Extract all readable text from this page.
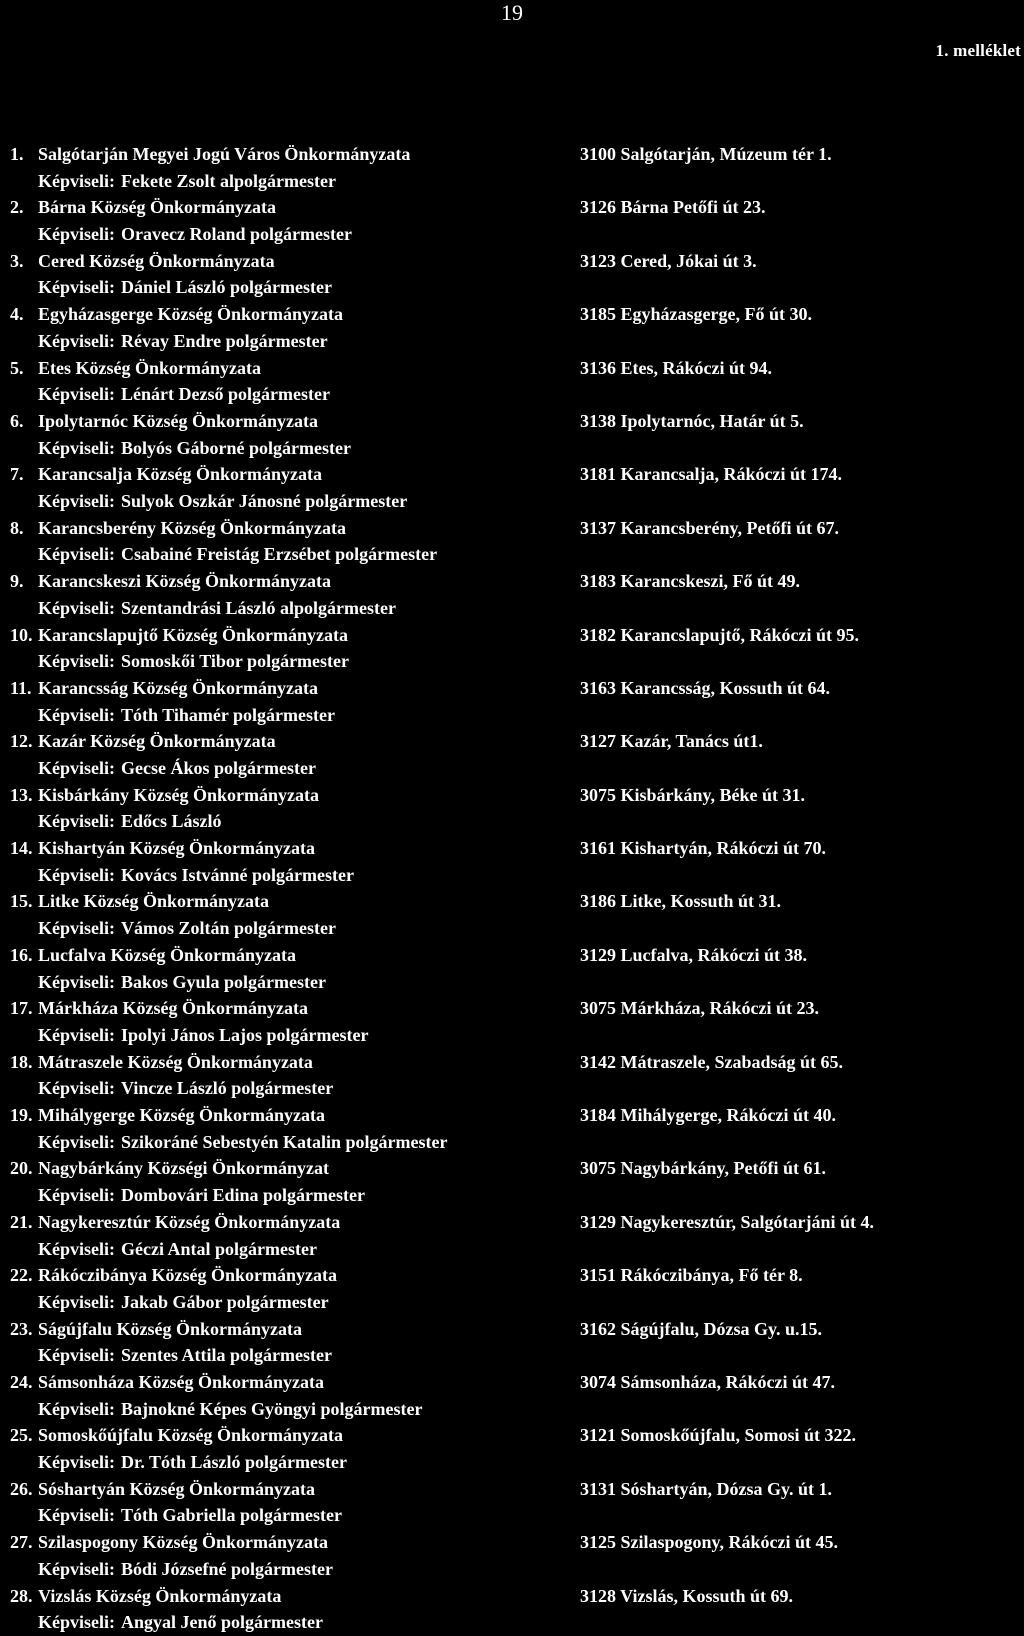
19
1. melléklet
1. Salgótarján Megyei Jogú Város Önkormányzata	3100 Salgótarján, Múzeum tér 1.
Képviseli: Fekete Zsolt alpolgármester
2. Bárna Község Önkormányzata	3126 Bárna Petőfi út 23.
Képviseli: Oravecz Roland polgármester
3. Cered Község Önkormányzata	3123 Cered, Jókai út 3.
Képviseli: Dániel László polgármester
4. Egyházasgerge Község Önkormányzata	3185 Egyházasgerge, Fő út 30.
Képviseli: Révay Endre polgármester
5. Etes Község Önkormányzata	3136 Etes, Rákóczi út 94.
Képviseli: Lénárt Dezső polgármester
6. Ipolytarnóc Község Önkormányzata	3138 Ipolytarnóc, Határ út 5.
Képviseli: Bolyós Gáborné polgármester
7. Karancsalja Község Önkormányzata	3181 Karancsalja, Rákóczi út 174.
Képviseli: Sulyok Oszkár Jánosné polgármester
8. Karancsberény Község Önkormányzata	3137 Karancsberény, Petőfi út 67.
Képviseli: Csabainé Freistág Erzsébet polgármester
9. Karancskeszi Község Önkormányzata	3183 Karancskeszi, Fő út 49.
Képviseli: Szentandrási László alpolgármester
10. Karancslapujtő Község Önkormányzata	3182 Karancslapujtő, Rákóczi út 95.
Képviseli: Somoskői Tibor polgármester
11. Karancsság Község Önkormányzata	3163 Karancsság, Kossuth út 64.
Képviseli: Tóth Tihamér polgármester
12. Kazár Község Önkormányzata	3127 Kazár, Tanács út1.
Képviseli: Gecse Ákos polgármester
13. Kisbárkány Község Önkormányzata	3075 Kisbárkány, Béke út 31.
Képviseli: Edőcs László
14. Kishartyán Község Önkormányzata	3161 Kishartyán, Rákóczi út 70.
Képviseli: Kovács Istvánné polgármester
15. Litke Község Önkormányzata	3186 Litke, Kossuth út 31.
Képviseli: Vámos Zoltán polgármester
16. Lucfalva Község Önkormányzata	3129 Lucfalva, Rákóczi út 38.
Képviseli: Bakos Gyula polgármester
17. Márkháza Község Önkormányzata	3075 Márkháza, Rákóczi út 23.
Képviseli: Ipolyi János Lajos polgármester
18. Mátraszele Község Önkormányzata	3142 Mátraszele, Szabadság út 65.
Képviseli: Vincze László polgármester
19. Mihálygerge Község Önkormányzata	3184 Mihálygerge, Rákóczi út 40.
Képviseli: Szikoráné Sebestyén Katalin polgármester
20. Nagybárkány Községi Önkormányzat	3075 Nagybárkány, Petőfi út 61.
Képviseli: Dombovári Edina polgármester
21. Nagykeresztúr Község Önkormányzata	3129 Nagykeresztúr, Salgótarjáni út 4.
Képviseli: Géczi Antal polgármester
22. Rákóczibánya Község Önkormányzata	3151 Rákóczibánya, Fő tér 8.
Képviseli: Jakab Gábor polgármester
23. Ságújfalu Község Önkormányzata	3162 Ságújfalu, Dózsa Gy. u.15.
Képviseli: Szentes Attila polgármester
24. Sámsonháza Község Önkormányzata	3074 Sámsonháza, Rákóczi út 47.
Képviseli: Bajnokné Képes Gyöngyi polgármester
25. Somoskőújfalu Község Önkormányzata	3121 Somoskőújfalu, Somosi út 322.
Képviseli: Dr. Tóth László polgármester
26. Sóshartyán Község Önkormányzata	3131 Sóshartyán, Dózsa Gy. út 1.
Képviseli: Tóth Gabriella polgármester
27. Szilaspogony Község Önkormányzata	3125 Szilaspogony, Rákóczi út 45.
Képviseli: Bódi Józsefné polgármester
28. Vizslás Község Önkormányzata	3128 Vizslás, Kossuth út 69.
Képviseli: Angyal Jenő polgármester
